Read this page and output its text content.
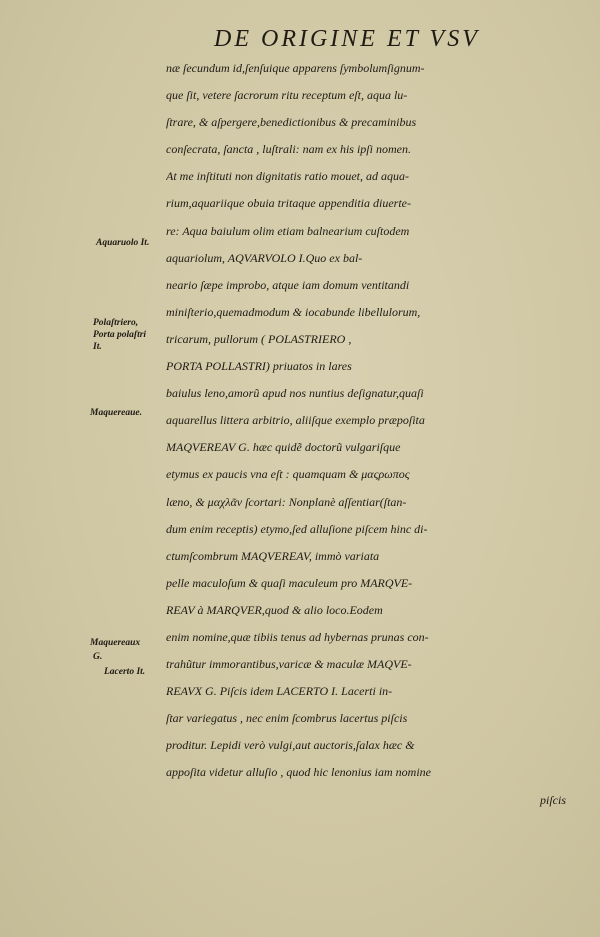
DE ORIGINE ET VSV
næ ſecundum id,ſenſuique apparens ſymbolumſignum-
que ſit, vetere ſacrorum ritu receptum eſt, aqua lu-
ſtrare, & aſpergere,benedictionibus & precaminibus
conſecrata, ſancta , luſtrali: nam ex his ipſi nomen.
At me inſtituti non dignitatis ratio mouet, ad aqua-
rium,aquariique obuia tritaque appenditia diuerte-
re: Aqua baiulum olim etiam balnearium cuſtodem
aquariolum, AQVARVOLO I.Quo ex bal-
neario ſæpe improbo, atque iam domum ventitandi
miniſterio,quemadmodum & iocabunde libellulorum,
tricarum, pullorum ( POLASTRIERO ,
PORTA POLLASTRI) priuatos in lares
baiulus leno,amorũ apud nos nuntius deſignatur,quaſi
aquarellus littera arbitrio, aliiſque exemplo præpoſita
MAQVEREAV G. hæc quidẽ doctorũ vulgariſque
etymus ex paucis vna eſt : quamquam & μαςρωπος
læno, & μαχλᾶν ſcortari: Nonplanè aſſentiar(ſtan-
dum enim receptis) etymo,ſed alluſione piſcem hinc di-
ctumſcombrum MAQVEREAV, immò variata
pelle maculoſum & quaſi maculeum pro MARQVE-
REAV à MARQVER,quod & alio loco.Eodem
enim nomine,quæ tibiis tenus ad hybernas prunas con-
trahũtur immorantibus,varicæ & maculæ MAQVE-
REAVX G. Piſcis idem LACERTO I. Lacerti in-
ſtar variegatus , nec enim ſcombrus lacertus piſcis
proditur. Lepidi verò vulgi,aut auctoris,ſalax hæc &
appoſita videtur alluſio , quod hic lenonius iam nomine
piſcis
Aquaruolo It.
Polaſtriero,
Porta polaſtri
It.
Maquereaue.
Maquereaux
G.
Lacerto It.
